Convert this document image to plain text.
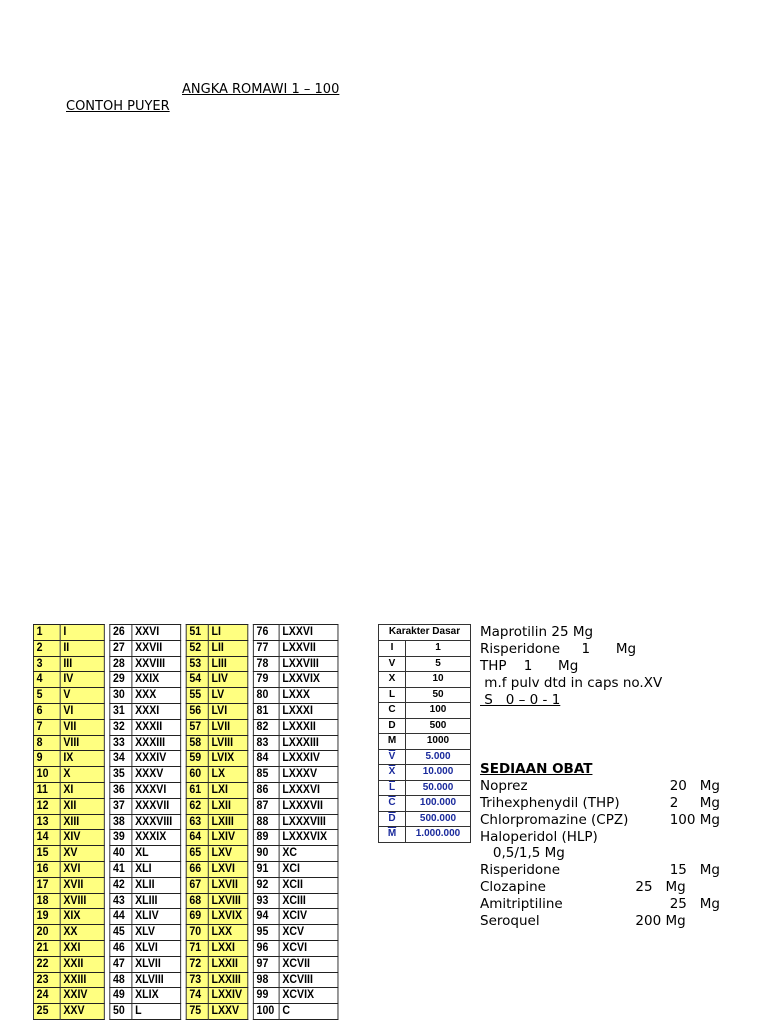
ANGKA ROMAWI 1 – 100
CONTOH PUYER
1	I		26	XXVI		51	LI		76	LXXVI
2	II		27	XXVII		52	LII		77	LXXVII
3	III		28	XXVIII		53	LIII		78	LXXVIII
4	IV		29	XXIX		54	LIV		79	LXXVIX
5	V		30	XXX		55	LV		80	LXXX
6	VI		31	XXXI		56	LVI		81	LXXXI
7	VII		32	XXXII		57	LVII		82	LXXXII
8	VIII		33	XXXIII		58	LVIII		83	LXXXIII
9	IX		34	XXXIV		59	LVIX		84	LXXXIV
10	X		35	XXXV		60	LX		85	LXXXV
11	XI		36	XXXVI		61	LXI		86	LXXXVI
12	XII		37	XXXVII		62	LXII		87	LXXXVII
13	XIII		38	XXXVIII		63	LXIII		88	LXXXVIII
14	XIV		39	XXXIX		64	LXIV		89	LXXXVIX
15	XV		40	XL		65	LXV		90	XC
16	XVI		41	XLI		66	LXVI		91	XCI
17	XVII		42	XLII		67	LXVII		92	XCII
18	XVIII		43	XLIII		68	LXVIII		93	XCIII
19	XIX		44	XLIV		69	LXVIX		94	XCIV
20	XX		45	XLV		70	LXX		95	XCV
21	XXI		46	XLVI		71	LXXI		96	XCVI
22	XXII		47	XLVII		72	LXXII		97	XCVII
23	XXIII		48	XLVIII		73	LXXIII		98	XCVIII
24	XXIV		49	XLIX		74	LXXIV		99	XCVIX
25	XXV		50	L		75	LXXV		100	C
Karakter Dasar	
I	1
V	5
X	10
L	50
C	100
D	500
M	1000
$\overline{V}$	5.000
$\overline{X}$	10.000
$\overline{L}$	50.000
$\overline{C}$	100.000
$\overline{D}$	500.000
$\overline{M}$	1.000.000
Maprotilin 25 Mg
Risperidone     1      Mg
THP    1      Mg
m.f pulv dtd in caps no.XV
S   0 – 0 - 1
SEDIAAN OBAT
Noprez	20   Mg
Trihexphenydil (THP)	2     Mg
Chlorpromazine (CPZ)	100 Mg
Haloperidol (HLP)
0,5/1,5 Mg
Risperidone	15   Mg
Clozapine	25   Mg
Amitriptiline	25   Mg
Seroquel	200 Mg
